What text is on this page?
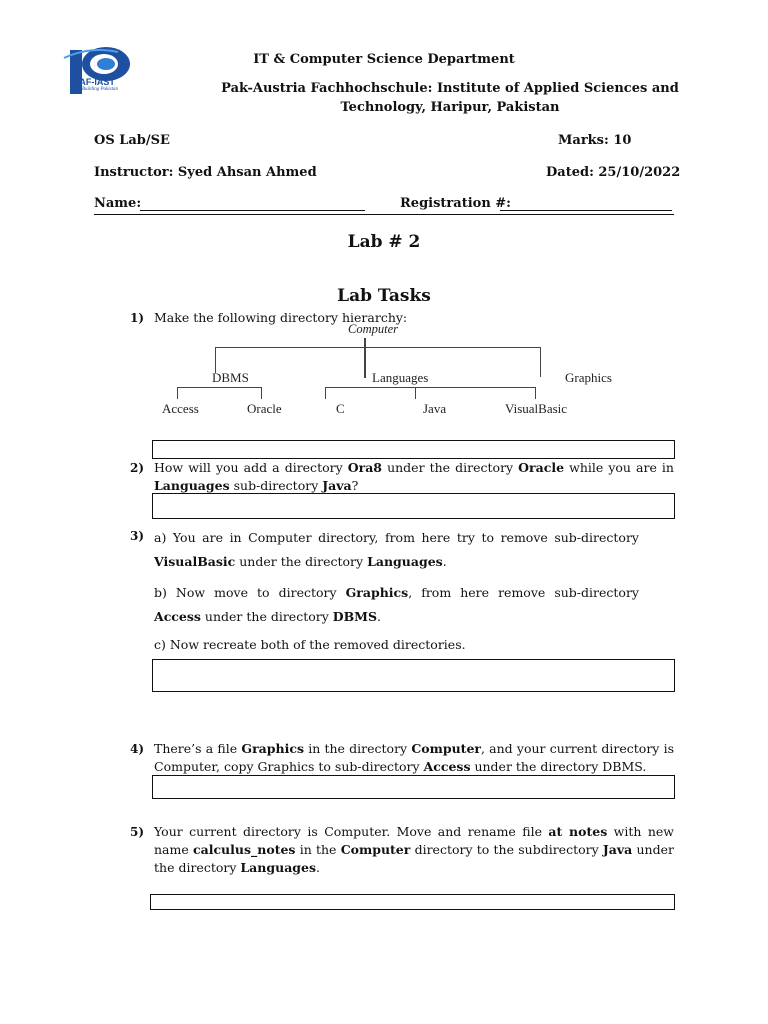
PAF-IAST
Building Pakistan
IT & Computer Science Department
Pak-Austria Fachhochschule: Institute of Applied Sciences and Technology, Haripur, Pakistan
OS Lab/SE	Marks: 10
Instructor: Syed Ahsan Ahmed	Dated: 25/10/2022
Name:	Registration #:
Lab # 2
Lab Tasks
1) Make the following directory hierarchy:
Computer
DBMS	Languages	Graphics
Access	Oracle	C	Java	VisualBasic
2) How will you add a directory Ora8 under the directory Oracle while you are in Languages sub-directory Java?
3) a) You are in Computer directory, from here try to remove sub-directory VisualBasic under the directory Languages.
b) Now move to directory Graphics, from here remove sub-directory Access under the directory DBMS.
c) Now recreate both of the removed directories.
4) There’s a file Graphics in the directory Computer, and your current directory is Computer, copy Graphics to sub-directory Access under the directory DBMS.
5) Your current directory is Computer. Move and rename file at notes with new name calculus_notes in the Computer directory to the subdirectory Java under the directory Languages.
